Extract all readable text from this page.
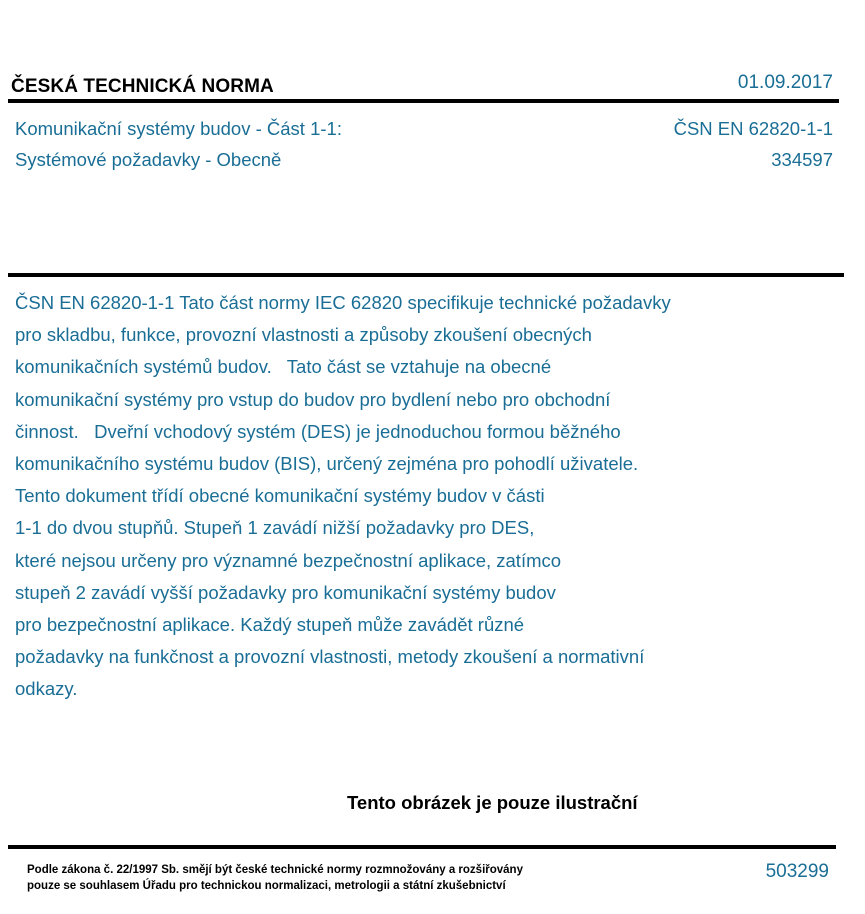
ČESKÁ TECHNICKÁ NORMA	01.09.2017
Komunikační systémy budov - Část 1-1:
Systémové požadavky - Obecně
ČSN EN 62820-1-1
334597

ČSN EN 62820-1-1 Tato část normy IEC 62820 specifikuje technické požadavky
pro skladbu, funkce, provozní vlastnosti a způsoby zkoušení obecných
komunikačních systémů budov.   Tato část se vztahuje na obecné
komunikační systémy pro vstup do budov pro bydlení nebo pro obchodní
činnost.   Dveřní vchodový systém (DES) je jednoduchou formou běžného
komunikačního systému budov (BIS), určený zejména pro pohodlí uživatele.
Tento dokument třídí obecné komunikační systémy budov v části
1-1 do dvou stupňů. Stupeň 1 zavádí nižší požadavky pro DES,
které nejsou určeny pro významné bezpečnostní aplikace, zatímco
stupeň 2 zavádí vyšší požadavky pro komunikační systémy budov
pro bezpečnostní aplikace. Každý stupeň může zavádět různé
požadavky na funkčnost a provozní vlastnosti, metody zkoušení a normativní
odkazy.

Tento obrázek je pouze ilustrační
Podle zákona č. 22/1997 Sb. smějí být české technické normy rozmnožovány a rozšiřovány
pouze se souhlasem Úřadu pro technickou normalizaci, metrologii a státní zkušebnictví
503299
